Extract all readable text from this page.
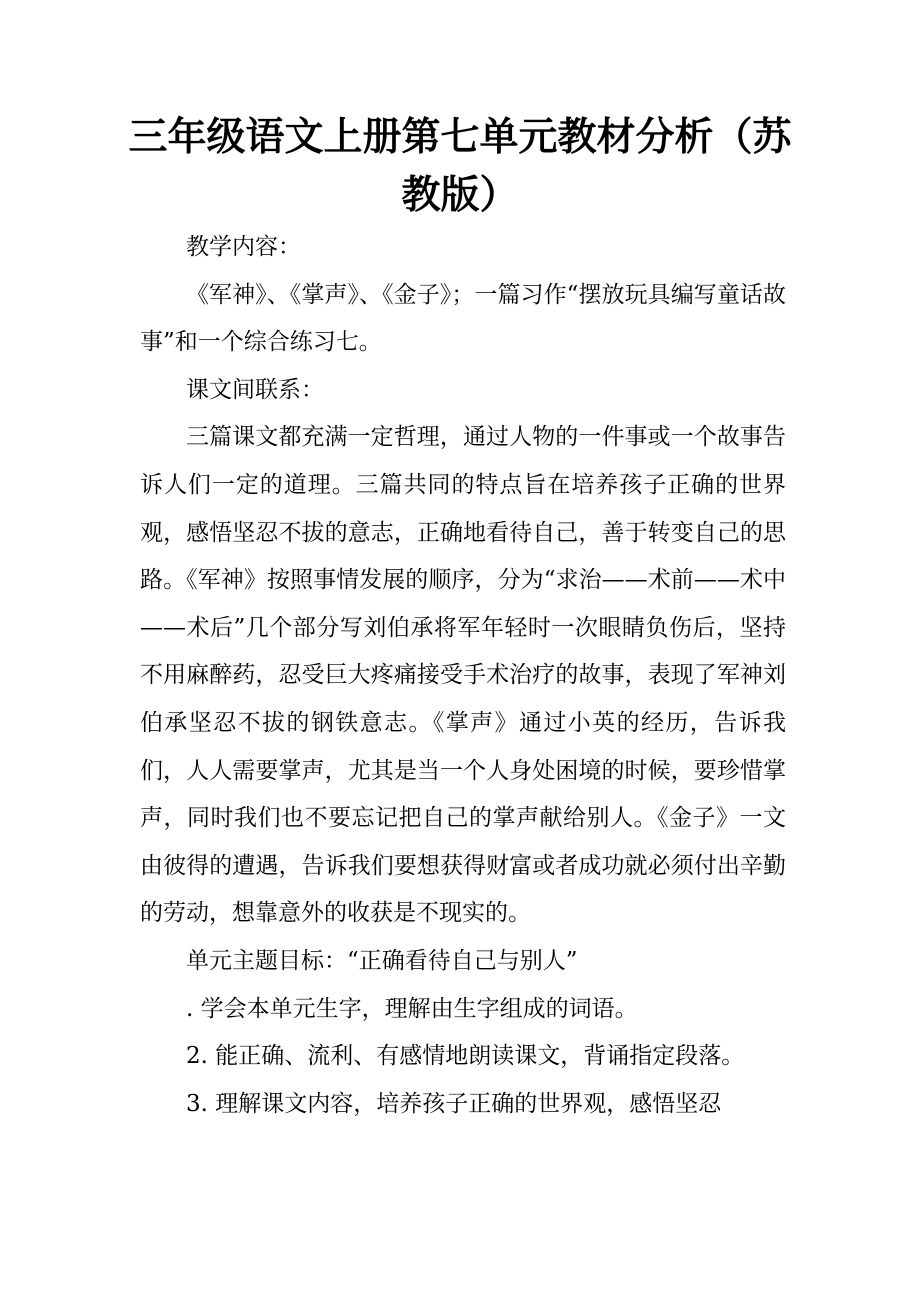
三年级语文上册第七单元教材分析（苏教版）

教学内容：

《军神》、《掌声》、《金子》；一篇习作“摆放玩具编写童话故事”和一个综合练习七。

课文间联系：

三篇课文都充满一定哲理，通过人物的一件事或一个故事告诉人们一定的道理。三篇共同的特点旨在培养孩子正确的世界观，感悟坚忍不拔的意志，正确地看待自己，善于转变自己的思路。《军神》按照事情发展的顺序，分为“求治——术前——术中——术后”几个部分写刘伯承将军年轻时一次眼睛负伤后，坚持不用麻醉药，忍受巨大疼痛接受手术治疗的故事，表现了军神刘伯承坚忍不拔的钢铁意志。《掌声》通过小英的经历，告诉我们，人人需要掌声，尤其是当一个人身处困境的时候，要珍惜掌声，同时我们也不要忘记把自己的掌声献给别人。《金子》一文由彼得的遭遇，告诉我们要想获得财富或者成功就必须付出辛勤的劳动，想靠意外的收获是不现实的。

单元主题目标：“正确看待自己与别人”

. 学会本单元生字，理解由生字组成的词语。

2. 能正确、流利、有感情地朗读课文，背诵指定段落。

3. 理解课文内容，培养孩子正确的世界观，感悟坚忍
